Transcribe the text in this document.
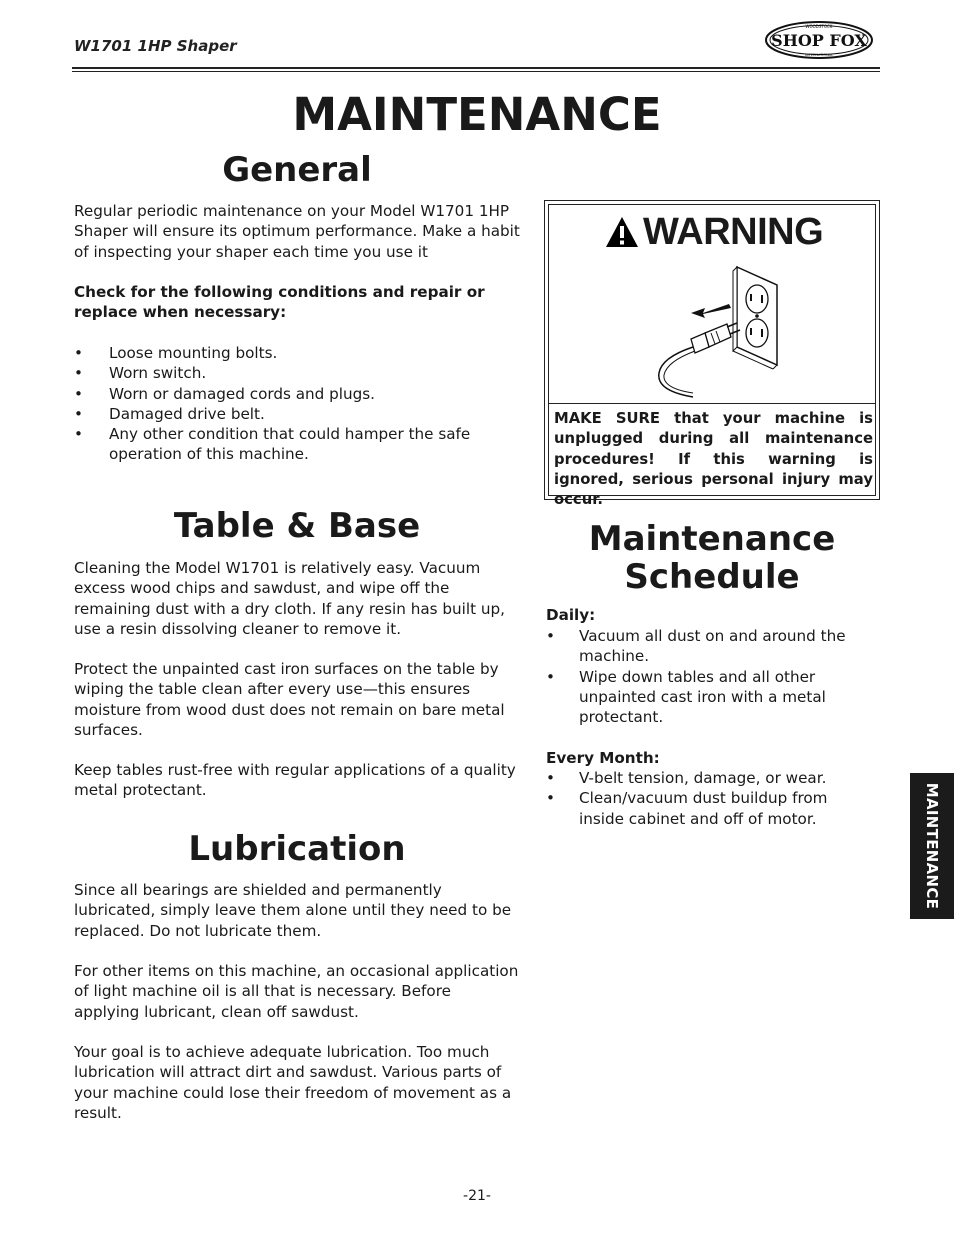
W1701 1HP Shaper	SHOP FOX
WOODSTOCK
INTERNATIONAL
MAINTENANCE
General

Regular periodic maintenance on your Model W1701 1HP Shaper will ensure its optimum performance. Make a habit of inspecting your shaper each time you use it

Check for the following conditions and repair or replace when necessary:

• Loose mounting bolts.
• Worn switch.
• Worn or damaged cords and plugs.
• Damaged drive belt.
• Any other condition that could hamper the safe operation of this machine.
WARNING

MAKE SURE that your machine is unplugged during all maintenance procedures! If this warning is ignored, serious personal injury may occur.

Table & Base

Cleaning the Model W1701 is relatively easy. Vacuum excess wood chips and sawdust, and wipe off the remaining dust with a dry cloth. If any resin has built up, use a resin dissolving cleaner to remove it.

Protect the unpainted cast iron surfaces on the table by wiping the table clean after every use—this ensures moisture from wood dust does not remain on bare metal surfaces.

Keep tables rust-free with regular applications of a quality metal protectant.

Lubrication

Since all bearings are shielded and permanently lubricated, simply leave them alone until they need to be replaced. Do not lubricate them.

For other items on this machine, an occasional application of light machine oil is all that is necessary. Before applying lubricant, clean off sawdust.

Your goal is to achieve adequate lubrication. Too much lubrication will attract dirt and sawdust. Various parts of your machine could lose their freedom of movement as a result.

Maintenance
Schedule

Daily:

• Vacuum all dust on and around the machine.
• Wipe down tables and all other unpainted cast iron with a metal protectant.

Every Month:

• V-belt tension, damage, or wear.
• Clean/vacuum dust buildup from inside cabinet and off of motor.	MAINTENANCE
-21-
